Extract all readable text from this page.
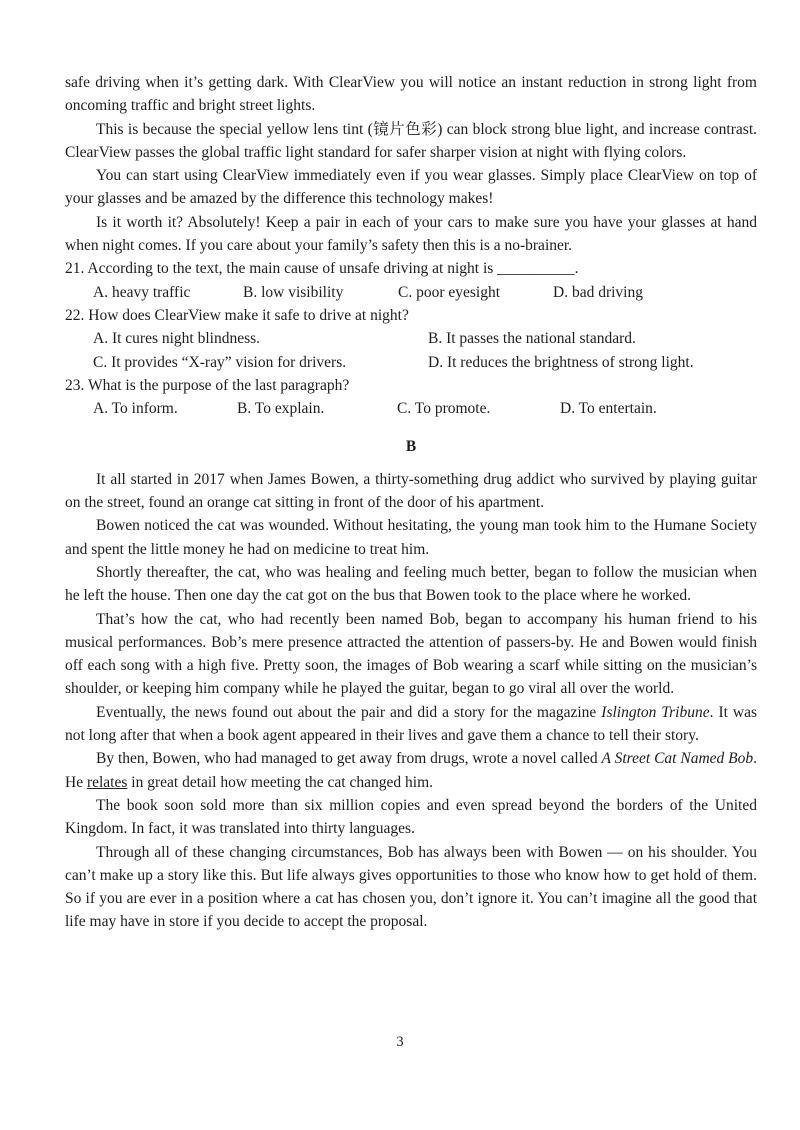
safe driving when it’s getting dark. With ClearView you will notice an instant reduction in strong light from oncoming traffic and bright street lights.

This is because the special yellow lens tint (镜片色彩) can block strong blue light, and increase contrast. ClearView passes the global traffic light standard for safer sharper vision at night with flying colors.

You can start using ClearView immediately even if you wear glasses. Simply place ClearView on top of your glasses and be amazed by the difference this technology makes!

Is it worth it? Absolutely! Keep a pair in each of your cars to make sure you have your glasses at hand when night comes. If you care about your family’s safety then this is a no-brainer.

21. According to the text, the main cause of unsafe driving at night is __________.

A. heavy traffic	B. low visibility	C. poor eyesight	D. bad driving

22. How does ClearView make it safe to drive at night?

A. It cures night blindness.	B. It passes the national standard.
C. It provides “X-ray” vision for drivers.	D. It reduces the brightness of strong light.

23. What is the purpose of the last paragraph?

A. To inform.	B. To explain.	C. To promote.	D. To entertain.

B

It all started in 2017 when James Bowen, a thirty-something drug addict who survived by playing guitar on the street, found an orange cat sitting in front of the door of his apartment.

Bowen noticed the cat was wounded. Without hesitating, the young man took him to the Humane Society and spent the little money he had on medicine to treat him.

Shortly thereafter, the cat, who was healing and feeling much better, began to follow the musician when he left the house. Then one day the cat got on the bus that Bowen took to the place where he worked.

That’s how the cat, who had recently been named Bob, began to accompany his human friend to his musical performances. Bob’s mere presence attracted the attention of passers-by. He and Bowen would finish off each song with a high five. Pretty soon, the images of Bob wearing a scarf while sitting on the musician’s shoulder, or keeping him company while he played the guitar, began to go viral all over the world.

Eventually, the news found out about the pair and did a story for the magazine Islington Tribune. It was not long after that when a book agent appeared in their lives and gave them a chance to tell their story.

By then, Bowen, who had managed to get away from drugs, wrote a novel called A Street Cat Named Bob. He relates in great detail how meeting the cat changed him.

The book soon sold more than six million copies and even spread beyond the borders of the United Kingdom. In fact, it was translated into thirty languages.

Through all of these changing circumstances, Bob has always been with Bowen — on his shoulder. You can’t make up a story like this. But life always gives opportunities to those who know how to get hold of them. So if you are ever in a position where a cat has chosen you, don’t ignore it. You can’t imagine all the good that life may have in store if you decide to accept the proposal.

3
